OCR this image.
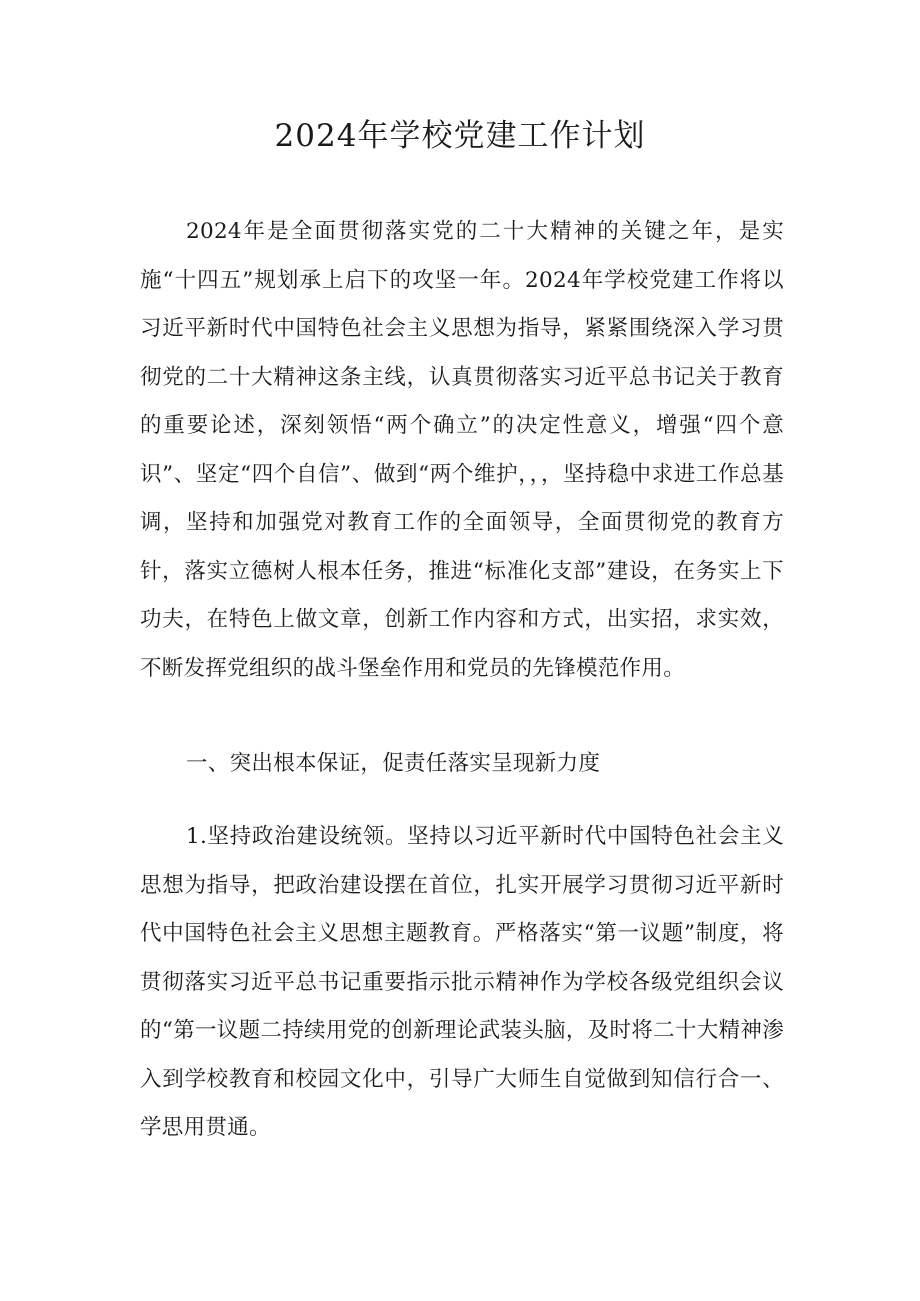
2024年学校党建工作计划

2024年是全面贯彻落实党的二十大精神的关键之年，是实施“十四五”规划承上启下的攻坚一年。2024年学校党建工作将以习近平新时代中国特色社会主义思想为指导，紧紧围绕深入学习贯彻党的二十大精神这条主线，认真贯彻落实习近平总书记关于教育的重要论述，深刻领悟“两个确立”的决定性意义，增强“四个意识”、坚定“四个自信”、做到“两个维护，，，坚持稳中求进工作总基调，坚持和加强党对教育工作的全面领导，全面贯彻党的教育方针，落实立德树人根本任务，推进“标准化支部”建设，在务实上下功夫，在特色上做文章，创新工作内容和方式，出实招，求实效，不断发挥党组织的战斗堡垒作用和党员的先锋模范作用。

一、突出根本保证，促责任落实呈现新力度

1.坚持政治建设统领。坚持以习近平新时代中国特色社会主义思想为指导，把政治建设摆在首位，扎实开展学习贯彻习近平新时代中国特色社会主义思想主题教育。严格落实“第一议题”制度，将贯彻落实习近平总书记重要指示批示精神作为学校各级党组织会议的“第一议题二持续用党的创新理论武装头脑，及时将二十大精神渗入到学校教育和校园文化中，引导广大师生自觉做到知信行合一、学思用贯通。
